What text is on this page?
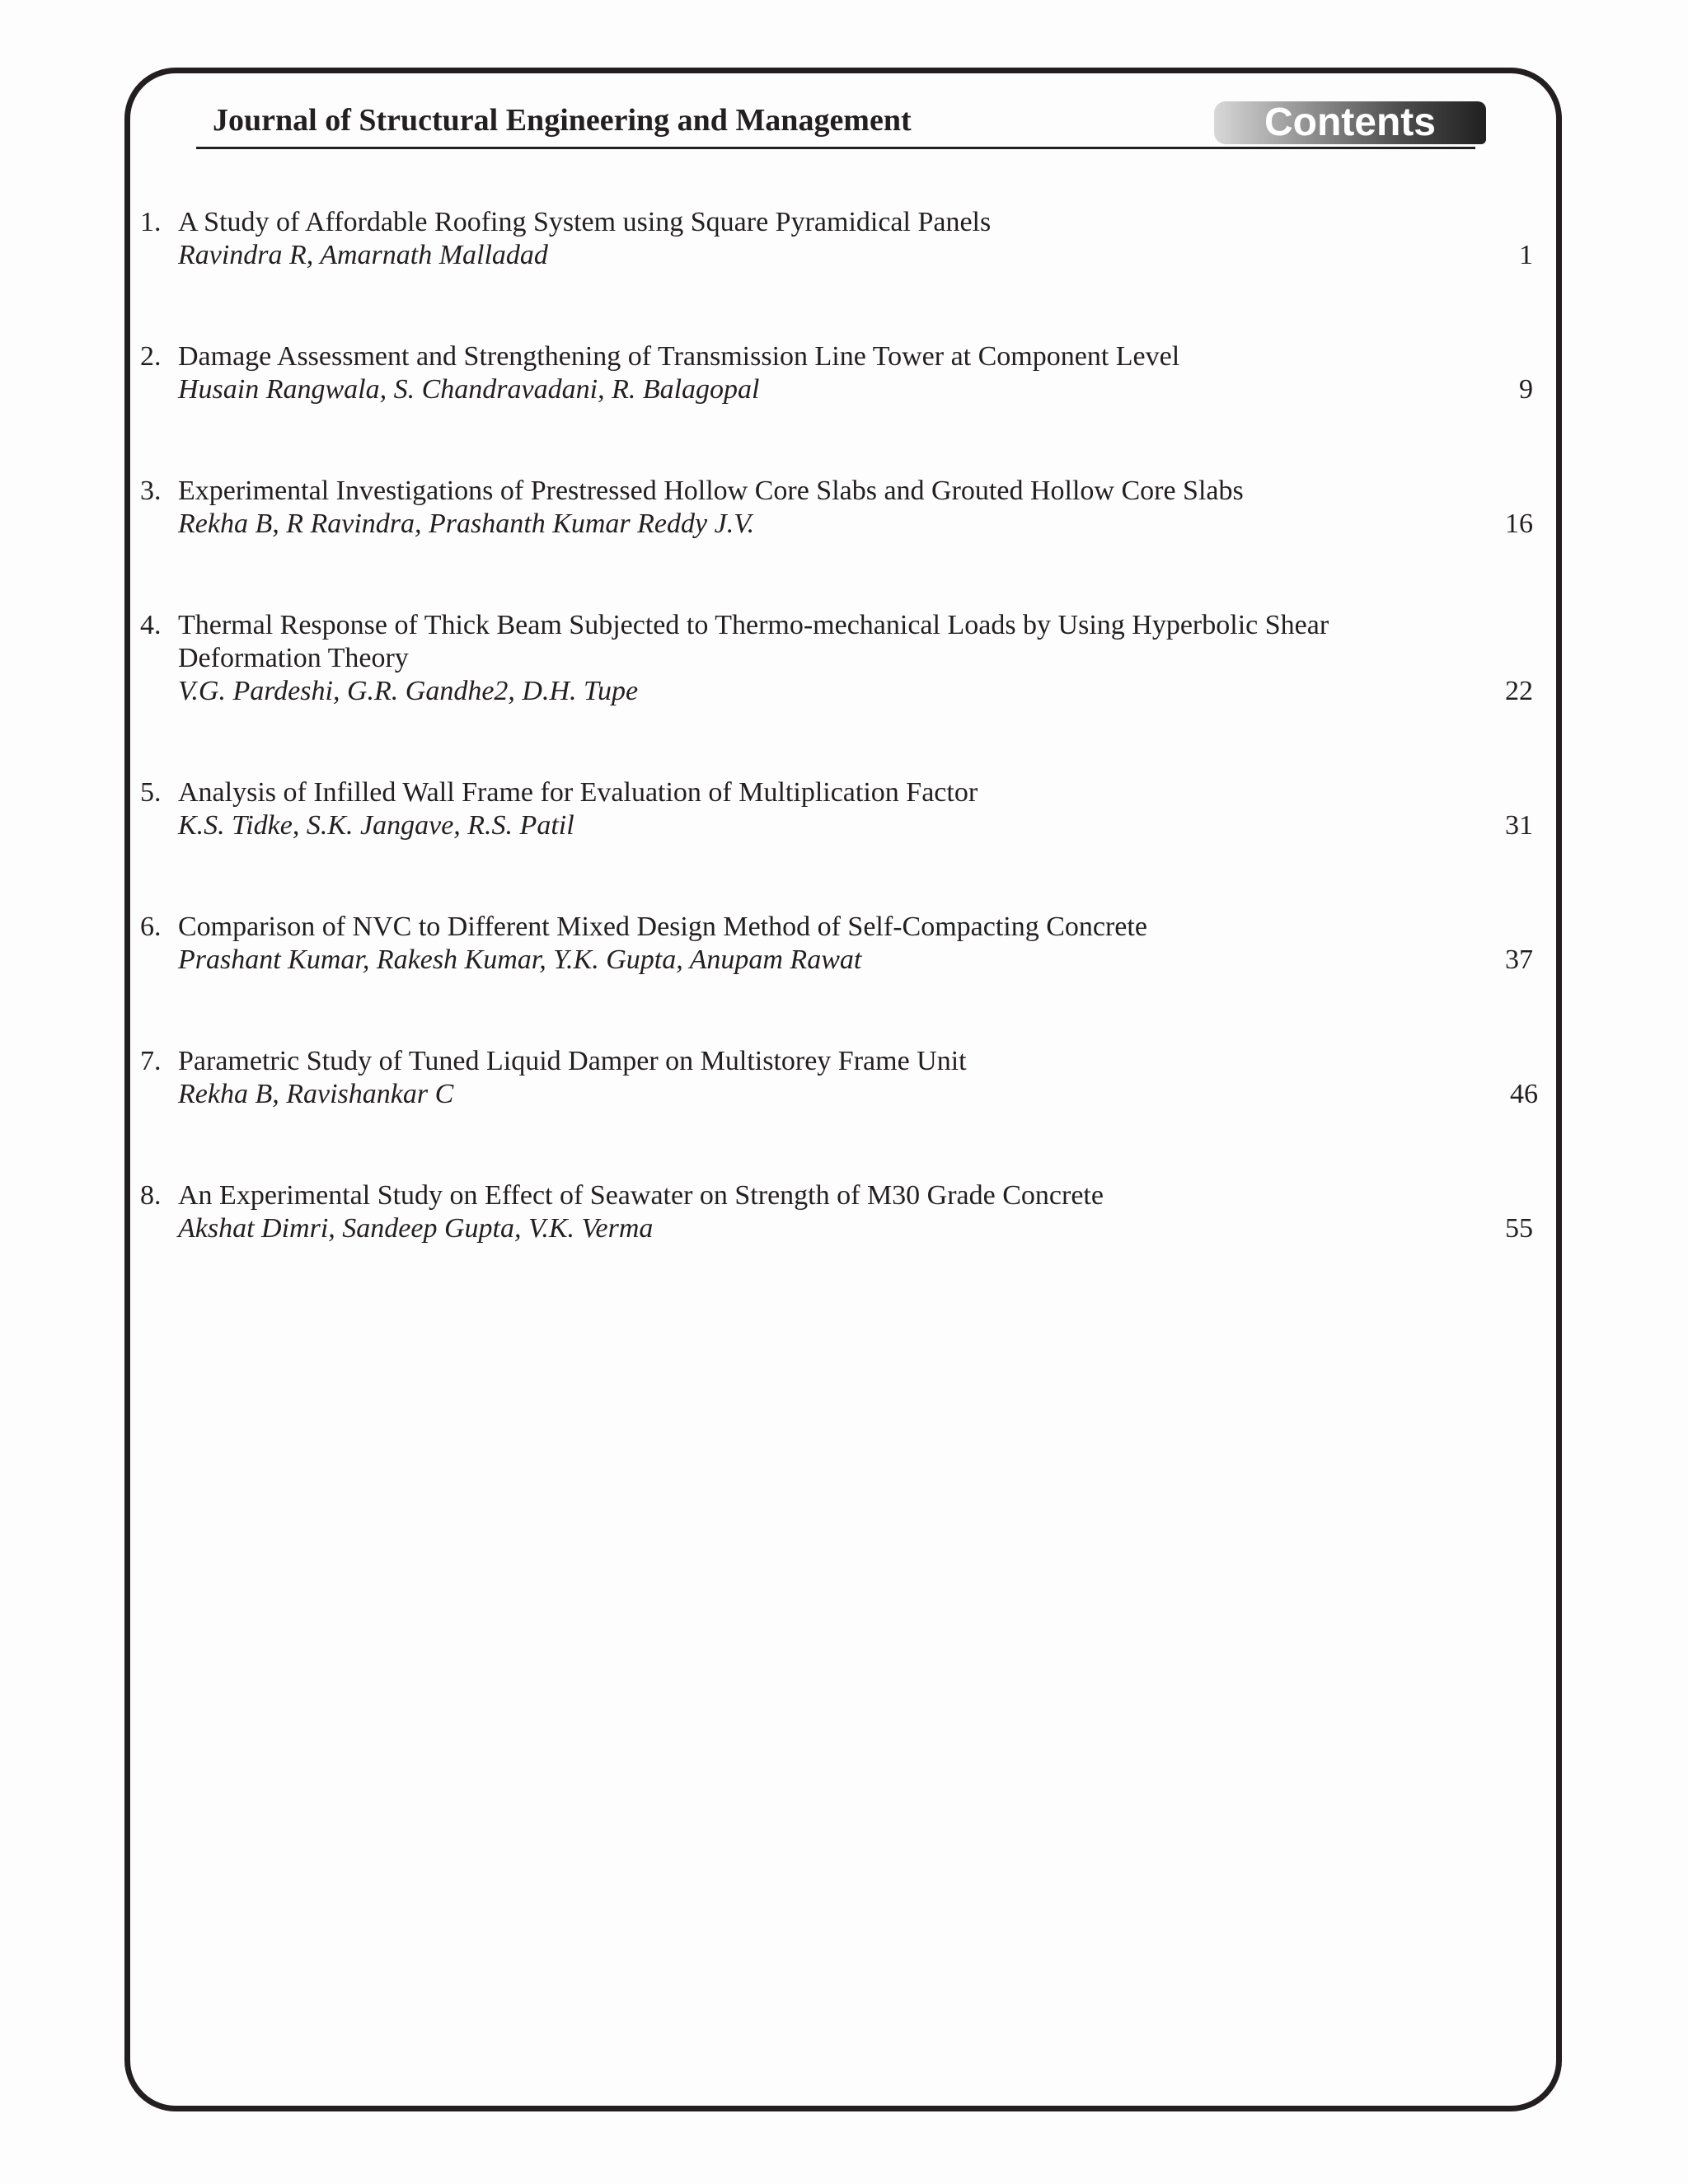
Journal of Structural Engineering and Management	Contents
1. A Study of Affordable Roofing System using Square Pyramidical Panels
Ravindra R, Amarnath Malladad	1
2. Damage Assessment and Strengthening of Transmission Line Tower at Component Level
Husain Rangwala, S. Chandravadani, R. Balagopal	9
3. Experimental Investigations of Prestressed Hollow Core Slabs and Grouted Hollow Core Slabs
Rekha B, R Ravindra, Prashanth Kumar Reddy J.V.	16
4. Thermal Response of Thick Beam Subjected to Thermo-mechanical Loads by Using Hyperbolic Shear Deformation Theory
V.G. Pardeshi, G.R. Gandhe2, D.H. Tupe	22
5. Analysis of Infilled Wall Frame for Evaluation of Multiplication Factor
K.S. Tidke, S.K. Jangave, R.S. Patil	31
6. Comparison of NVC to Different Mixed Design Method of Self-Compacting Concrete
Prashant Kumar, Rakesh Kumar, Y.K. Gupta, Anupam Rawat	37
7. Parametric Study of Tuned Liquid Damper on Multistorey Frame Unit
Rekha B, Ravishankar C	46
8. An Experimental Study on Effect of Seawater on Strength of M30 Grade Concrete
Akshat Dimri, Sandeep Gupta, V.K. Verma	55
